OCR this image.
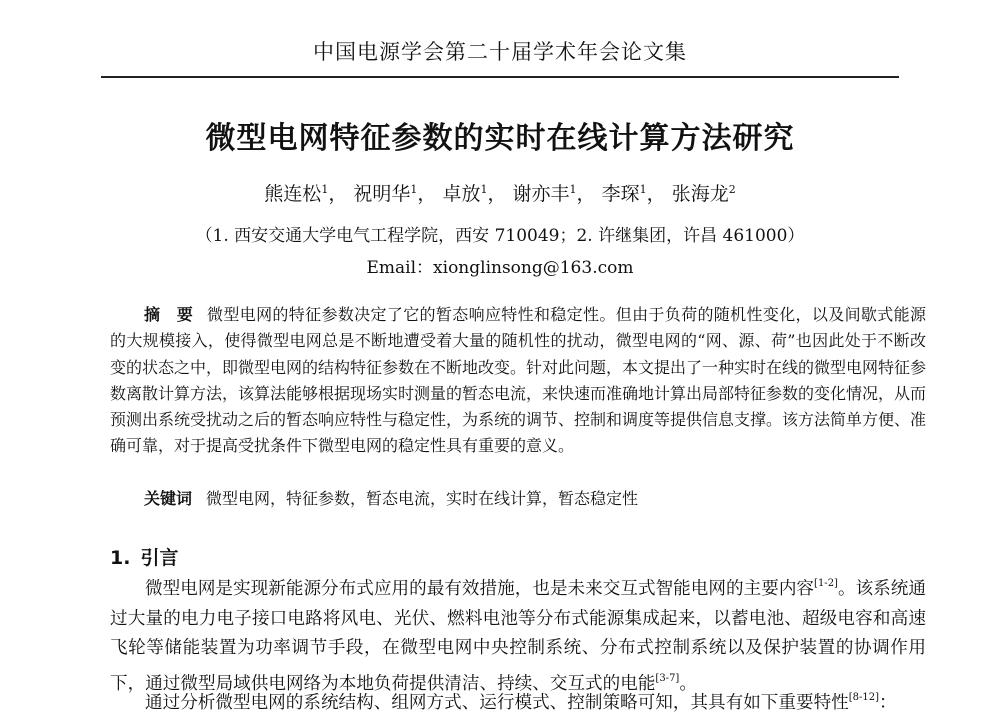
中国电源学会第二十届学术年会论文集
微型电网特征参数的实时在线计算方法研究
熊连松$^1$， 祝明华$^1$， 卓放$^1$， 谢亦丰$^1$， 李琛$^1$， 张海龙$^2$
（1. 西安交通大学电气工程学院，西安 710049；2. 许继集团，许昌 461000）
Email：xionglinsong@163.com

摘　要 微型电网的特征参数决定了它的暂态响应特性和稳定性。但由于负荷的随机性变化，以及间歇式能源的大规模接入，使得微型电网总是不断地遭受着大量的随机性的扰动，微型电网的“网、源、荷”也因此处于不断改变的状态之中，即微型电网的结构特征参数在不断地改变。针对此问题，本文提出了一种实时在线的微型电网特征参数离散计算方法，该算法能够根据现场实时测量的暂态电流，来快速而准确地计算出局部特征参数的变化情况，从而预测出系统受扰动之后的暂态响应特性与稳定性，为系统的调节、控制和调度等提供信息支撑。该方法简单方便、准确可靠，对于提高受扰条件下微型电网的稳定性具有重要的意义。

关键词 微型电网，特征参数，暂态电流，实时在线计算，暂态稳定性

1. 引言

微型电网是实现新能源分布式应用的最有效措施，也是未来交互式智能电网的主要内容[1-2]。该系统通过大量的电力电子接口电路将风电、光伏、燃料电池等分布式能源集成起来，以蓄电池、超级电容和高速飞轮等储能装置为功率调节手段，在微型电网中央控制系统、分布式控制系统以及保护装置的协调作用下，通过微型局域供电网络为本地负荷提供清洁、持续、交互式的电能[3-7]。

通过分析微型电网的系统结构、组网方式、运行模式、控制策略可知，其具有如下重要特性[8-12]：
